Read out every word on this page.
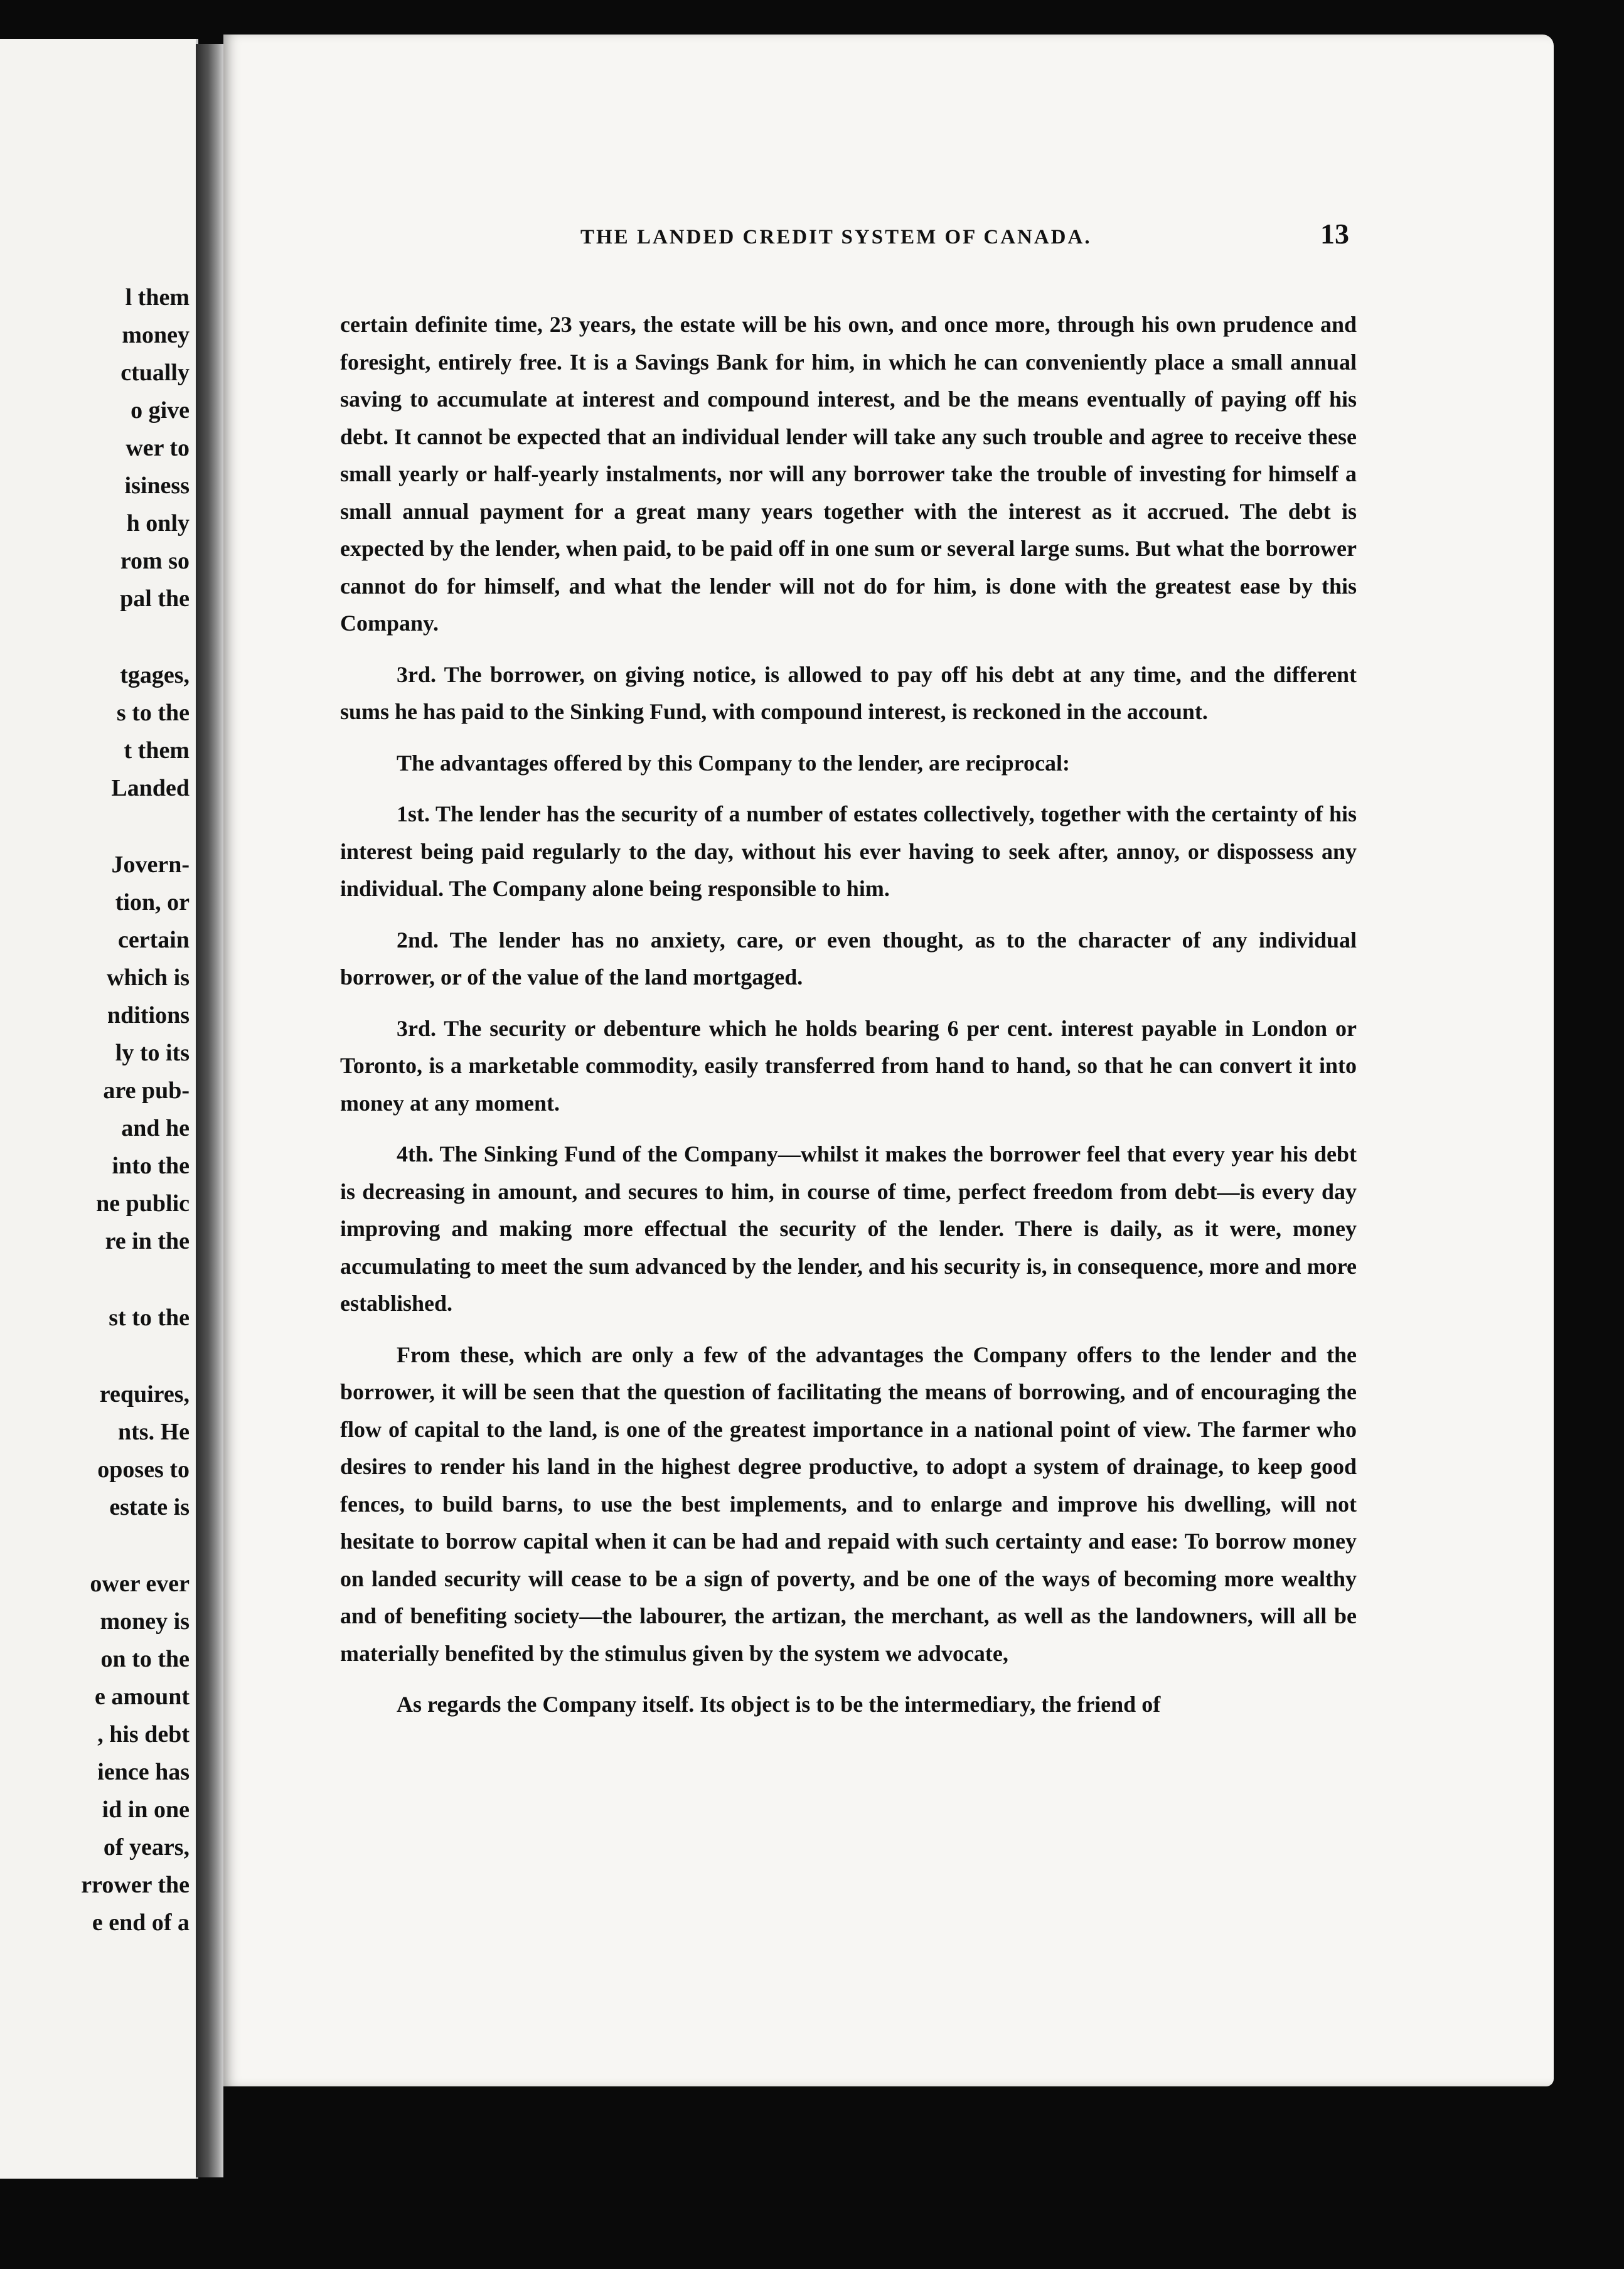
l them
money
ctually
o give
wer to
isiness
h only
rom so
pal the
tgages,
s to the
t them
Landed
Jovern-
tion, or
certain
which is
nditions
ly to its
are pub-
and he
into the
ne public
re in the
st to the
requires,
nts. He
oposes to
estate is
ower ever
money is
on to the
e amount
, his debt
ience has
id in one
of years,
rrower the
e end of a
THE LANDED CREDIT SYSTEM OF CANADA.	13

certain definite time, 23 years, the estate will be his own, and once more, through his own prudence and foresight, entirely free. It is a Savings Bank for him, in which he can conveniently place a small annual saving to accumulate at interest and compound interest, and be the means eventually of paying off his debt. It cannot be expected that an individual lender will take any such trouble and agree to receive these small yearly or half-yearly instalments, nor will any borrower take the trouble of investing for himself a small annual payment for a great many years together with the interest as it accrued. The debt is expected by the lender, when paid, to be paid off in one sum or several large sums. But what the borrower cannot do for himself, and what the lender will not do for him, is done with the greatest ease by this Company.

3rd. The borrower, on giving notice, is allowed to pay off his debt at any time, and the different sums he has paid to the Sinking Fund, with compound interest, is reckoned in the account.

The advantages offered by this Company to the lender, are reciprocal:

1st. The lender has the security of a number of estates collectively, together with the certainty of his interest being paid regularly to the day, without his ever having to seek after, annoy, or dispossess any individual. The Company alone being responsible to him.

2nd. The lender has no anxiety, care, or even thought, as to the character of any individual borrower, or of the value of the land mortgaged.

3rd. The security or debenture which he holds bearing 6 per cent. interest payable in London or Toronto, is a marketable commodity, easily transferred from hand to hand, so that he can convert it into money at any moment.

4th. The Sinking Fund of the Company—whilst it makes the borrower feel that every year his debt is decreasing in amount, and secures to him, in course of time, perfect freedom from debt—is every day improving and making more effectual the security of the lender. There is daily, as it were, money accumulating to meet the sum advanced by the lender, and his security is, in consequence, more and more established.

From these, which are only a few of the advantages the Company offers to the lender and the borrower, it will be seen that the question of facilitating the means of borrowing, and of encouraging the flow of capital to the land, is one of the greatest importance in a national point of view. The farmer who desires to render his land in the highest degree productive, to adopt a system of drainage, to keep good fences, to build barns, to use the best implements, and to enlarge and improve his dwelling, will not hesitate to borrow capital when it can be had and repaid with such certainty and ease: To borrow money on landed security will cease to be a sign of poverty, and be one of the ways of becoming more wealthy and of benefiting society—the labourer, the artizan, the merchant, as well as the landowners, will all be materially benefited by the stimulus given by the system we advocate,

As regards the Company itself. Its object is to be the intermediary, the friend of
